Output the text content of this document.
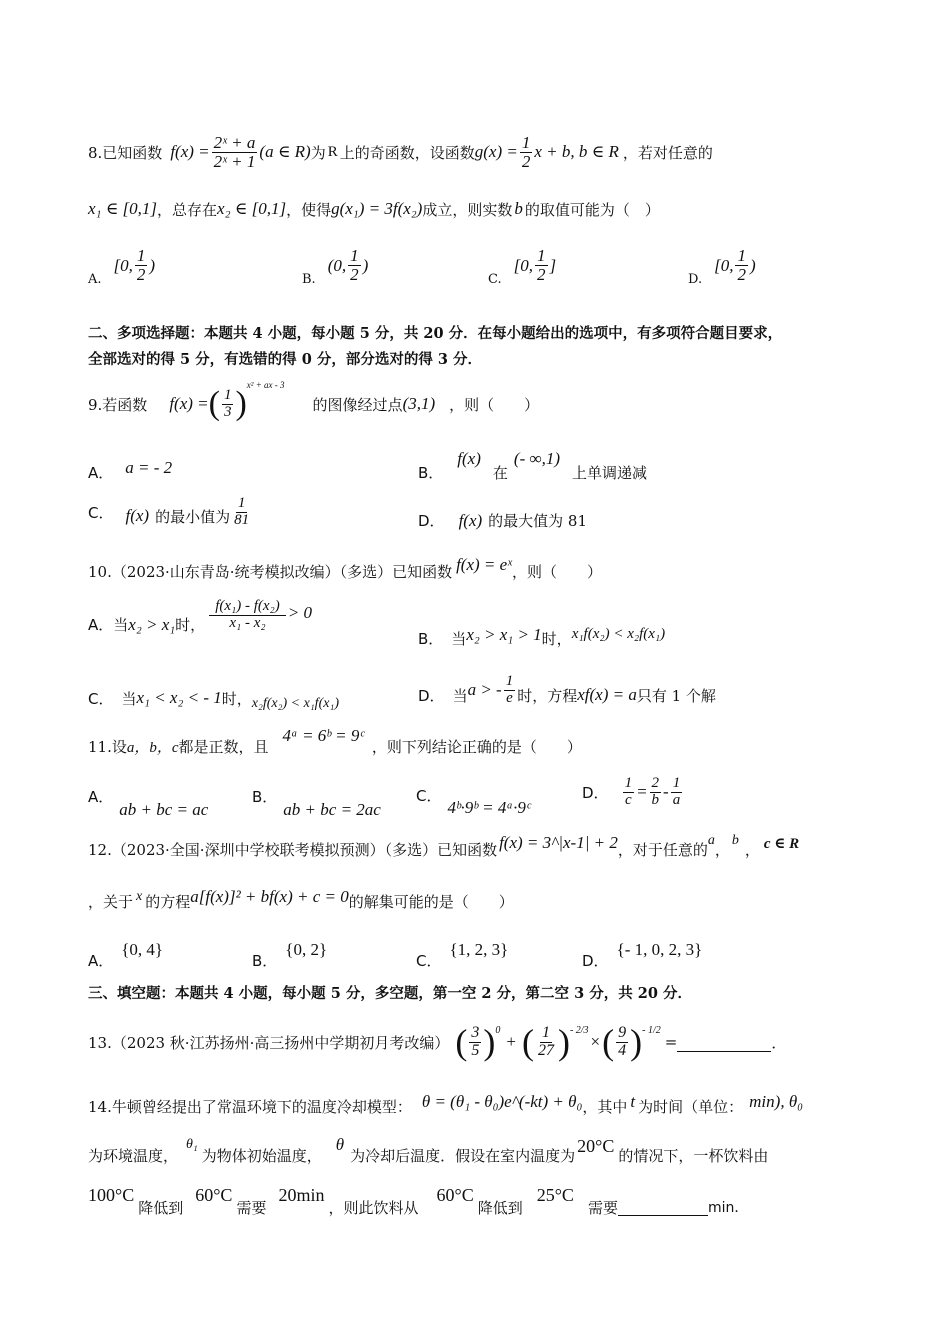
8.已知函数 $f(x) = \frac{\text{2ˣ + a}}{\text{2ˣ + 1}} (a$ ∈ R) 为 R 上的奇函数，设函数 $g(x) = \frac{1}{2}$ x + b, b ∈ R ，若对任意的
x₁ ∈ [0,1] ，总存在 x₂ ∈ [0,1] ，使得 g(x₁) = 3f(x₂) 成立，则实数 b 的取值可能为（　）
A.
[0, $\frac{1}{2}$ )
B.
(0, $\frac{1}{2}$ )
C.
[0, $\frac{1}{2}$ ]
D.
[0, $\frac{1}{2}$ )
二、多项选择题：本题共 4 小题，每小题 5 分，共 20 分．在每小题给出的选项中，有多项符合题目要求，
全部选对的得 5 分，有选错的得 0 分，部分选对的得 3 分．
9.若函数 f(x) = ( $\frac{1}{3}$ ) x² + ax - 3
的图像经过点 (3,1) ，则（　　）
A． a = - 2	B．
f(x)
在
(- ∞,1)
上单调递减
C． f(x) 的最小值为 $\frac{1}{81}$	D． f(x) 的最大值为 81
10.（2023·山东青岛·统考模拟改编）（多选）已知函数 f(x) = eˣ ，则（　　）
A． 当 x₂ > x₁ 时， $\frac{\text{f(x₁) - f(x₂)}}{\text{x₁ - x₂}} > 0$
B． 当 x₂ > x₁ > 1 时， x₁f(x₂) < x₂f(x₁)
C． 当 x₁ < x₂ < - 1 时， x₂f(x₂) < x₁f(x₁)	D． 当 a > - $\frac{1}{e}$ 时，方程 xf(x) = a 只有 1 个解
11.设 a，b，c 都是正数，且
4ᵃ = 6ᵇ = 9ᶜ
，则下列结论正确的是（　　）
A．
ab + bc = ac
B．
ab + bc = 2ac
C．
4ᵇ·9ᵇ = 4ᵃ·9ᶜ
D． $\frac{1}{c} = \frac{2}{b} - \frac{1}{a}$
12.（2023·全国·深圳中学校联考模拟预测）（多选）已知函数 f(x) = 3^|x-1| + 2 ，对于任意的 a ， b ， c ∈ R
，关于 x 的方程 a[f(x)]² + bf(x) + c = 0 的解集可能的是（　　）
A．
{0, 4}
B．
{0, 2}
C．
{1, 2, 3}
D．
{- 1, 0, 2, 3}
三、填空题：本题共 4 小题，每小题 5 分，多空题，第一空 2 分，第二空 3 分，共 20 分．
13.（2023 秋·江苏扬州·高三扬州中学期初月考改编） ( $\frac{3}{5}$ ) 0
+ ( $\frac{1}{27}$ ) - 2/3
× ( $\frac{9}{4}$ ) - 1/2
=	．
14.牛顿曾经提出了常温环境下的温度冷却模型： θ = (θ₁ - θ₀)e^(-kt) + θ₀ ，其中 t 为时间（单位： min), θ₀
为环境温度，
θ₁
为物体初始温度，
θ
为冷却后温度．假设在室内温度为 20°C 的情况下，一杯饮料由
100°C
降低到
60°C
需要
20min
，则此饮料从
60°C
降低到
25°C
需要	min．
